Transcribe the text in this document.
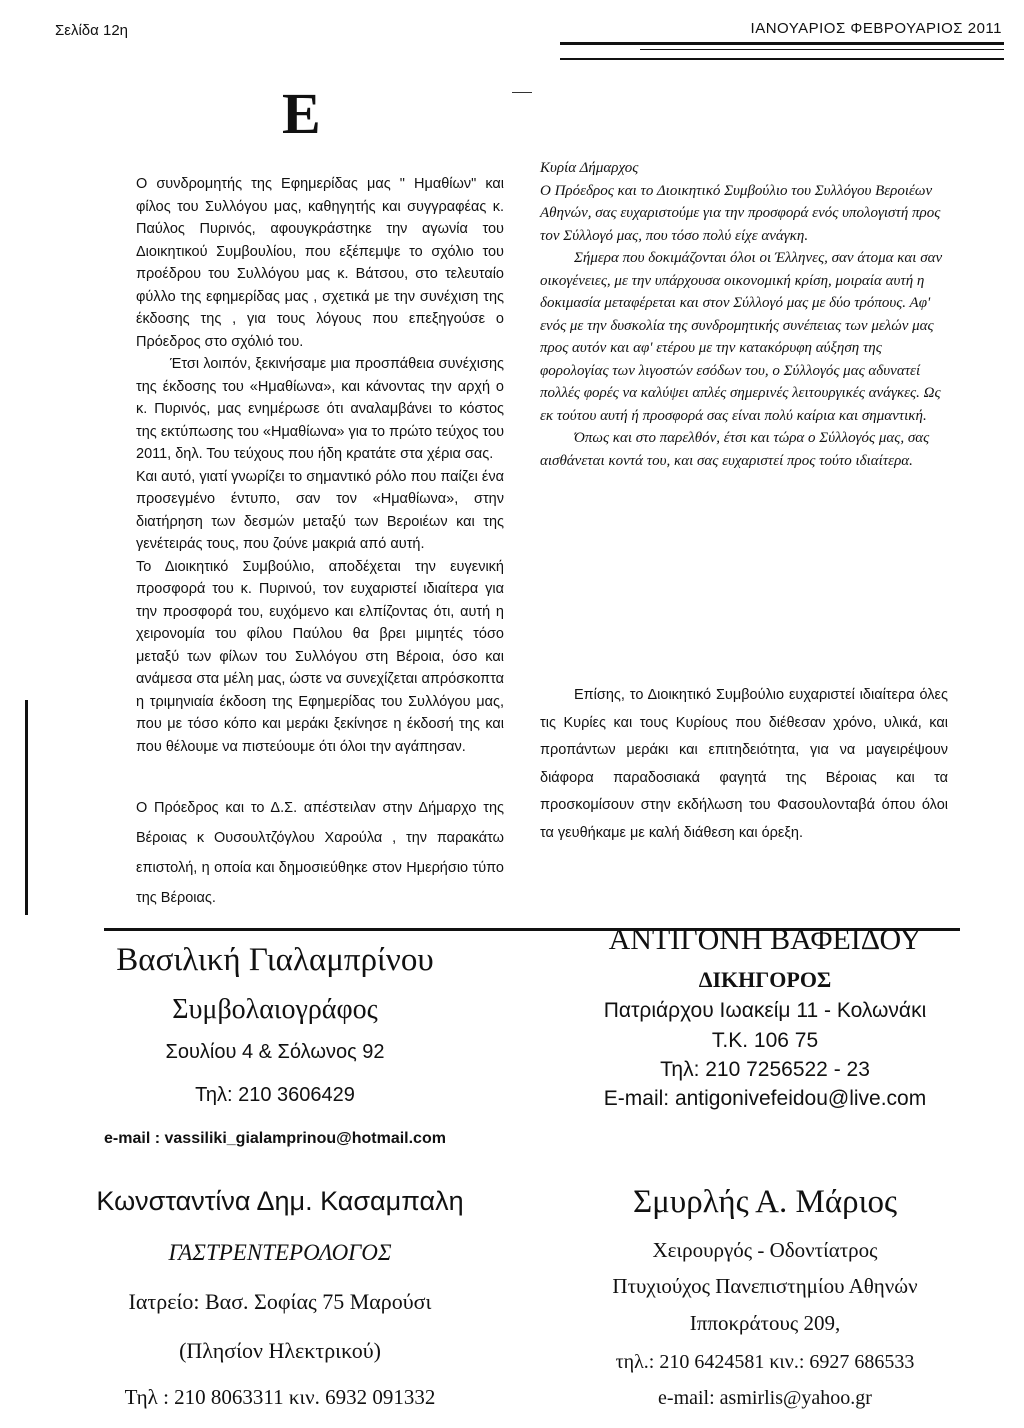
Σελίδα 12η	ΙΑΝΟΥΑΡΙΟΣ ΦΕΒΡΟΥΑΡΙΟΣ 2011
Ε

Ο συνδρομητής της Εφημερίδας μας " Ημαθίων" και φίλος του Συλλόγου μας, καθηγητής και συγγραφέας κ. Παύλος Πυρινός, αφουγκράστηκε την αγωνία του Διοικητικού Συμβουλίου, που εξέπεμψε το σχόλιο του προέδρου του Συλλόγου μας κ. Βάτσου, στο τελευταίο φύλλο της εφημερίδας μας , σχετικά με την συνέχιση της έκδοσης της , για τους λόγους που επεξηγούσε ο Πρόεδρος στο σχόλιό του.

Έτσι λοιπόν, ξεκινήσαμε μια προσπάθεια συνέχισης της έκδοσης του «Ημαθίωνα», και κάνοντας την αρχή ο κ. Πυρινός, μας ενημέρωσε ότι αναλαμβάνει το κόστος της εκτύπωσης του «Ημαθίωνα» για το πρώτο τεύχος του 2011, δηλ. Του τεύχους που ήδη κρατάτε στα χέρια σας.

Και αυτό, γιατί γνωρίζει το σημαντικό ρόλο που παίζει ένα προσεγμένο έντυπο, σαν τον «Ημαθίωνα», στην διατήρηση των δεσμών μεταξύ των Βεροιέων και της γενέτειράς τους, που ζούνε μακριά από αυτή.

Το Διοικητικό Συμβούλιο, αποδέχεται την ευγενική προσφορά του κ. Πυρινού, τον ευχαριστεί ιδιαίτερα για την προσφορά του, ευχόμενο και ελπίζοντας ότι, αυτή η χειρονομία του φίλου Παύλου θα βρει μιμητές τόσο μεταξύ των φίλων του Συλλόγου στη Βέροια, όσο και ανάμεσα στα μέλη μας, ώστε να συνεχίζεται απρόσκοπτα η τριμηνιαία έκδοση της Εφημερίδας του Συλλόγου μας, που με τόσο κόπο και μεράκι ξεκίνησε η έκδοσή της και που θέλουμε να πιστεύουμε ότι όλοι την αγάπησαν.

Ο Πρόεδρος και το Δ.Σ. απέστειλαν στην Δήμαρχο της Βέροιας κ Ουσουλτζόγλου Χαρούλα , την παρακάτω επιστολή, η οποία και δημοσιεύθηκε στον Ημερήσιο τύπο της Βέροιας.

Κυρία Δήμαρχος

Ο Πρόεδρος και το Διοικητικό Συμβούλιο του Συλλόγου Βεροιέων Αθηνών, σας ευχαριστούμε για την προσφορά ενός υπολογιστή προς τον Σύλλογό μας, που τόσο πολύ είχε ανάγκη.

Σήμερα που δοκιμάζονται όλοι οι Έλληνες, σαν άτομα και σαν οικογένειες, με την υπάρχουσα οικονομική κρίση, μοιραία αυτή η δοκιμασία μεταφέρεται και στον Σύλλογό μας με δύο τρόπους. Αφ' ενός με την δυσκολία της συνδρομητικής συνέπειας των μελών μας προς αυτόν και αφ' ετέρου με την κατακόρυφη αύξηση της φορολογίας των λιγοστών εσόδων του, ο Σύλλογός μας αδυνατεί πολλές φορές να καλύψει απλές σημερινές λειτουργικές ανάγκες. Ως εκ τούτου αυτή ή προσφορά σας είναι πολύ καίρια και σημαντική.

Όπως και στο παρελθόν, έτσι και τώρα ο Σύλλογός μας, σας αισθάνεται κοντά του, και σας ευχαριστεί προς τούτο ιδιαίτερα.

Επίσης, το Διοικητικό Συμβούλιο ευχαριστεί ιδιαίτερα όλες τις Κυρίες και τους Κυρίους που διέθεσαν χρόνο, υλικά, και προπάντων μεράκι και επιτηδειότητα, για να μαγειρέψουν διάφορα παραδοσιακά φαγητά της Βέροιας και τα προσκομίσουν στην εκδήλωση του Φασουλονταβά όπου όλοι τα γευθήκαμε με καλή διάθεση και όρεξη.

Βασιλική Γιαλαμπρίνου
Συμβολαιογράφος
Σουλίου 4 & Σόλωνος 92
Τηλ: 210 3606429
e-mail : vassiliki_gialamprinou@hotmail.com
ΑΝΤΙΓΟΝΗ ΒΑΦΕΙΔΟΥ
ΔΙΚΗΓΟΡΟΣ
Πατριάρχου Ιωακείμ 11 - Κολωνάκι
Τ.Κ. 106 75
Τηλ: 210 7256522 - 23
E-mail: antigonivefeidou@live.com
Κωνσταντίνα Δημ. Κασαμπαλη
ΓΑΣΤΡΕΝΤΕΡΟΛΟΓΟΣ
Ιατρείο: Βασ. Σοφίας 75 Μαρούσι
(Πλησίον Ηλεκτρικού)
Τηλ : 210 8063311 κιν. 6932 091332
Σμυρλής Α. Μάριος
Χειρουργός - Οδοντίατρος
Πτυχιούχος Πανεπιστημίου Αθηνών
Ιπποκράτους 209,
τηλ.: 210 6424581 κιν.: 6927 686533
e-mail: asmirlis@yahoo.gr
